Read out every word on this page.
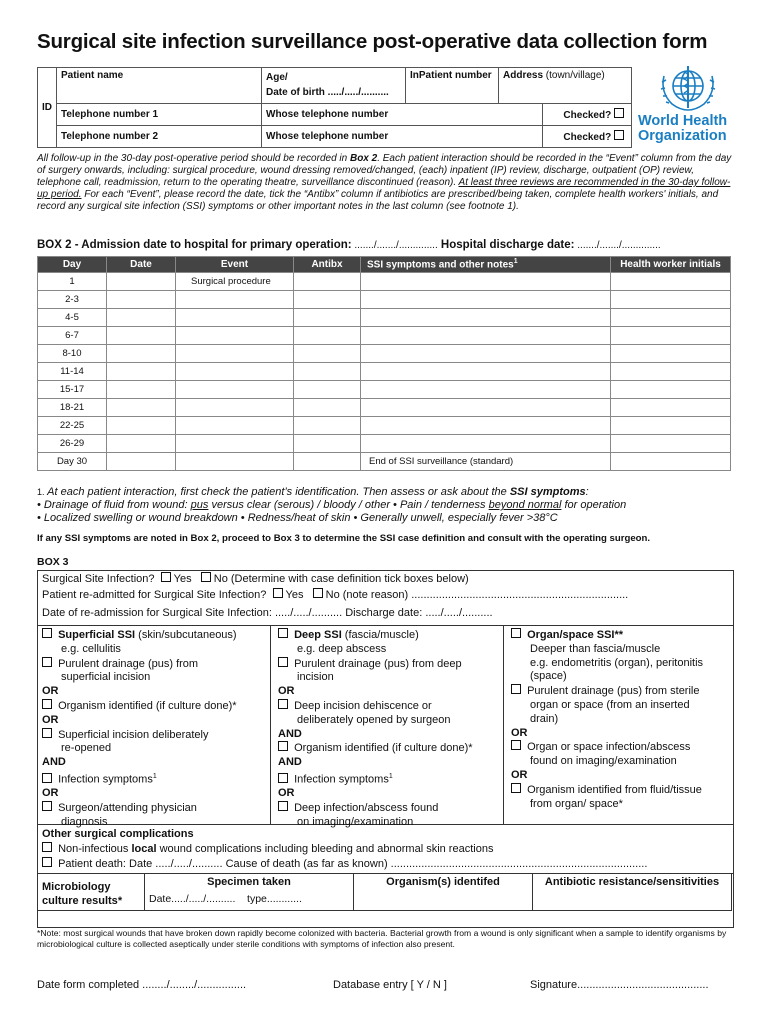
Surgical site infection surveillance post-operative data collection form
ID	Patient name	Age/
Date of birth ...../...../..........	InPatient number	Address (town/village)	
	Telephone number 1	Whose telephone number			Checked?
	Telephone number 2	Whose telephone number			Checked?
World Health
Organization
All follow-up in the 30-day post-operative period should be recorded in Box 2. Each patient interaction should be recorded in the “Event” column from the day of surgery onwards, including: surgical procedure, wound dressing removed/changed, (each) inpatient (IP) review, discharge, outpatient (OP) review, telephone call, readmission, return to the operating theatre, surveillance discontinued (reason). At least three reviews are recommended in the 30-day follow-up period. For each “Event”, please record the date, tick the “Antibx” column if antibiotics are prescribed/being taken, complete health workers' initials, and record any surgical site infection (SSI) symptoms or other important notes in the last column (see footnote 1).
BOX 2 - Admission date to hospital for primary operation: ......./......./.............. Hospital discharge date: ......./......./..............
Day	Date	Event	Antibx	SSI symptoms and other notes$^1$	Health worker initials
1		Surgical procedure			
2-3					
4-5					
6-7					
8-10					
11-14					
15-17					
18-21					
22-25					
26-29					
Day 30				End of SSI surveillance (standard)	
1. At each patient interaction, first check the patient’s identification. Then assess or ask about the SSI symptoms:
• Drainage of fluid from wound: pus versus clear (serous) / bloody / other • Pain / tenderness beyond normal for operation
• Localized swelling or wound breakdown • Redness/heat of skin • Generally unwell, especially fever >38°C
If any SSI symptoms are noted in Box 2, proceed to Box 3 to determine the SSI case definition and consult with the operating surgeon.
BOX 3
Surgical Site Infection? Yes No (Determine with case definition tick boxes below)
Patient re-admitted for Surgical Site Infection? Yes No (note reason) .......................................................................
Date of re-admission for Surgical Site Infection: ...../...../.......... Discharge date: ...../...../..........
Superficial SSI (skin/subcutaneous)
e.g. cellulitis
Purulent drainage (pus) from
superficial incision
OR
Organism identified (if culture done)*
OR
Superficial incision deliberately
re-opened
AND
Infection symptoms$^1$
OR
Surgeon/attending physician
diagnosis
Deep SSI (fascia/muscle)
e.g. deep abscess
Purulent drainage (pus) from deep
incision
OR
Deep incision dehiscence or
deliberately opened by surgeon
AND
Organism identified (if culture done)*
AND
Infection symptoms$^1$
OR
Deep infection/abscess found
on imaging/examination
Organ/space SSI**
Deeper than fascia/muscle
e.g. endometritis (organ), peritonitis
(space)
Purulent drainage (pus) from sterile
organ or space (from an inserted
drain)
OR
Organ or space infection/abscess
found on imaging/examination
OR
Organism identified from fluid/tissue
from organ/ space*
Other surgical complications
Non-infectious local wound complications including bleeding and abnormal skin reactions
Patient death: Date ...../...../.......... Cause of death (as far as known) ....................................................................................
Microbiology culture results*	
Specimen taken
Date...../...../.......... type............
	Organism(s) identifed	Antibiotic resistance/sensitivities
*Note: most surgical wounds that have broken down rapidly become colonized with bacteria. Bacterial growth from a wound is only significant when a sample to identify organisms by microbiological culture is collected aseptically under sterile conditions with symptoms of infection also present.
Date form completed ......../......../................	Database entry [ Y / N ]	Signature...........................................
